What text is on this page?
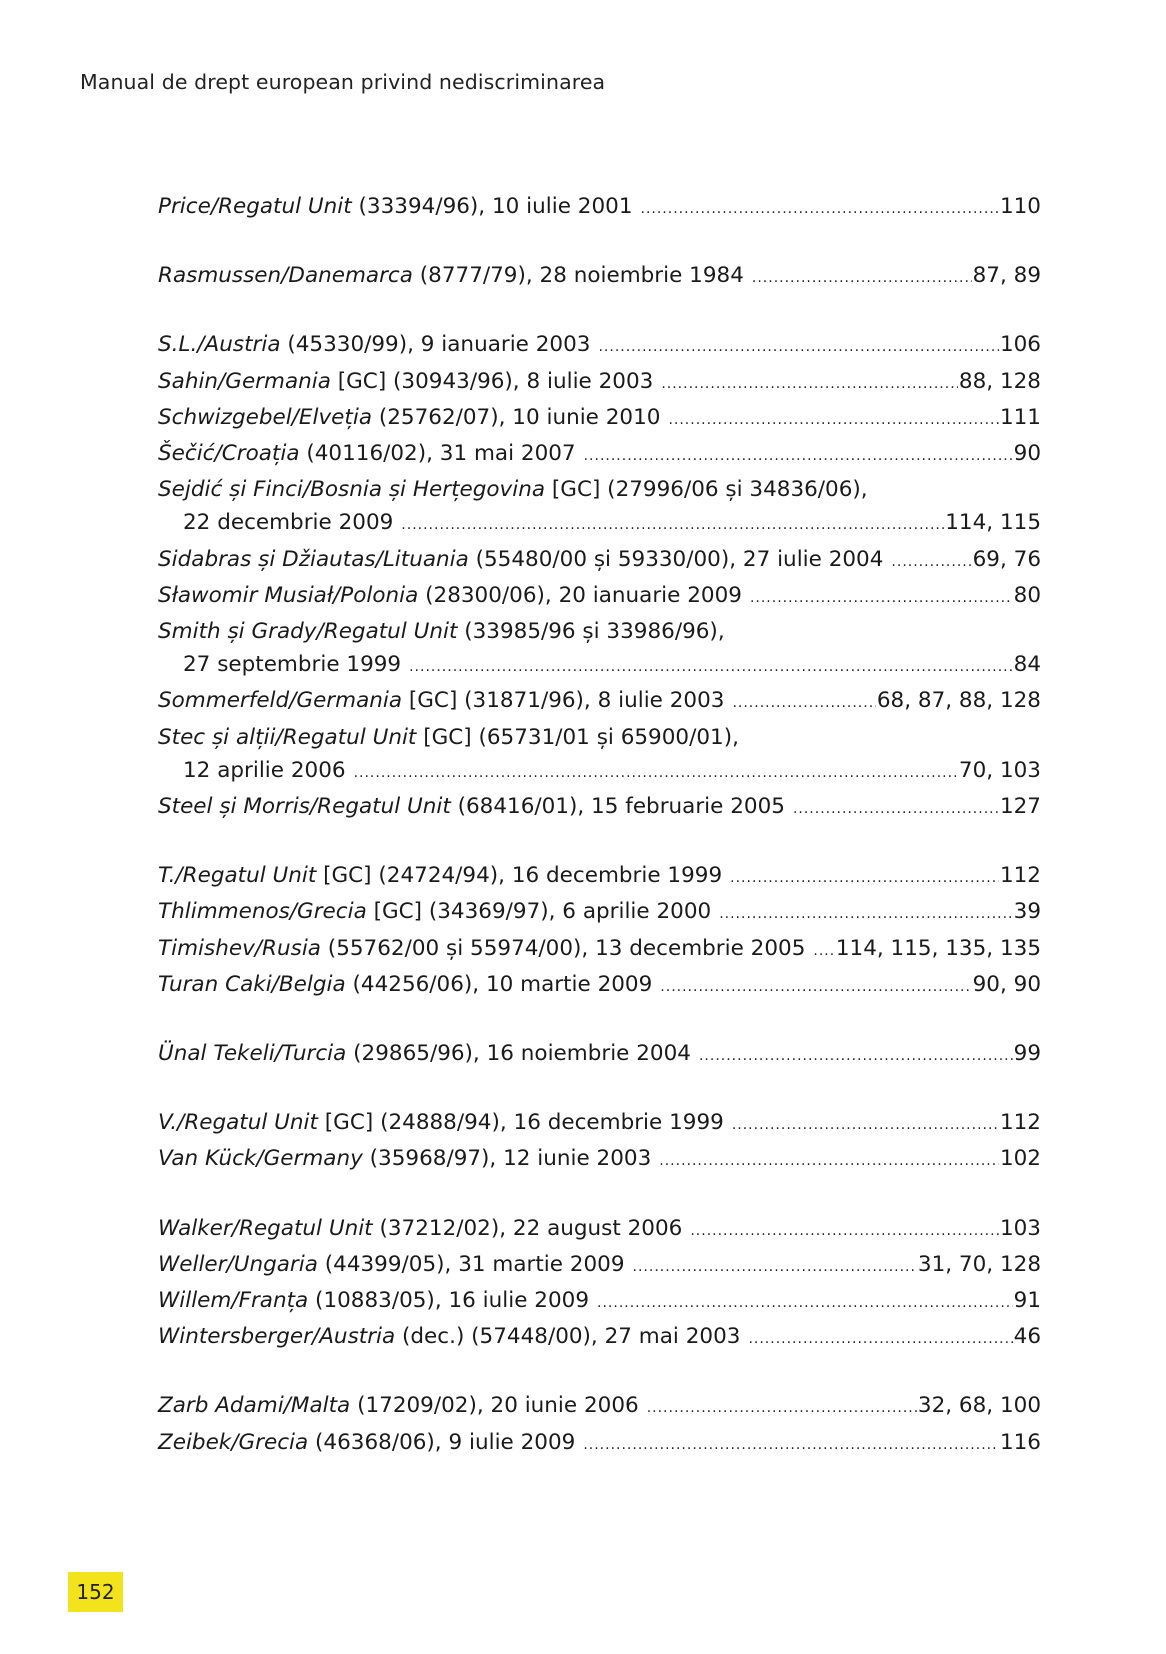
Manual de drept european privind nediscriminarea
Price/Regatul Unit (33394/96), 10 iulie 2001 .....	110
Rasmussen/Danemarca (8777/79), 28 noiembrie 1984 .....	87, 89
S.L./Austria (45330/99), 9 ianuarie 2003 .....	106
Sahin/Germania [GC] (30943/96), 8 iulie 2003 .....	88, 128
Schwizgebel/Elveția (25762/07), 10 iunie 2010 .....	111
Šečić/Croația (40116/02), 31 mai 2007 .....	90
Sejdić și Finci/Bosnia și Herțegovina [GC] (27996/06 și 34836/06),
22 decembrie 2009 .....	114, 115
Sidabras și Džiautas/Lituania (55480/00 și 59330/00), 27 iulie 2004 .....	69, 76
Sławomir Musiał/Polonia (28300/06), 20 ianuarie 2009 .....	80
Smith și Grady/Regatul Unit (33985/96 și 33986/96),
27 septembrie 1999 .....	84
Sommerfeld/Germania [GC] (31871/96), 8 iulie 2003 .....	68, 87, 88, 128
Stec și alții/Regatul Unit [GC] (65731/01 și 65900/01),
12 aprilie 2006 .....	70, 103
Steel și Morris/Regatul Unit (68416/01), 15 februarie 2005 .....	127
T./Regatul Unit [GC] (24724/94), 16 decembrie 1999 .....	112
Thlimmenos/Grecia [GC] (34369/97), 6 aprilie 2000 .....	39
Timishev/Rusia (55762/00 și 55974/00), 13 decembrie 2005 ..... 114, 115, 135, 135
Turan Caki/Belgia (44256/06), 10 martie 2009 .....	90, 90
Ünal Tekeli/Turcia (29865/96), 16 noiembrie 2004 .....	99
V./Regatul Unit [GC] (24888/94), 16 decembrie 1999 .....	112
Van Kück/Germany (35968/97), 12 iunie 2003 .....	102
Walker/Regatul Unit (37212/02), 22 august 2006 .....	103
Weller/Ungaria (44399/05), 31 martie 2009 .....	31, 70, 128
Willem/Franța (10883/05), 16 iulie 2009 .....	91
Wintersberger/Austria (dec.) (57448/00), 27 mai 2003 .....	46
Zarb Adami/Malta (17209/02), 20 iunie 2006 .....	32, 68, 100
Zeibek/Grecia (46368/06), 9 iulie 2009 .....	116
152
